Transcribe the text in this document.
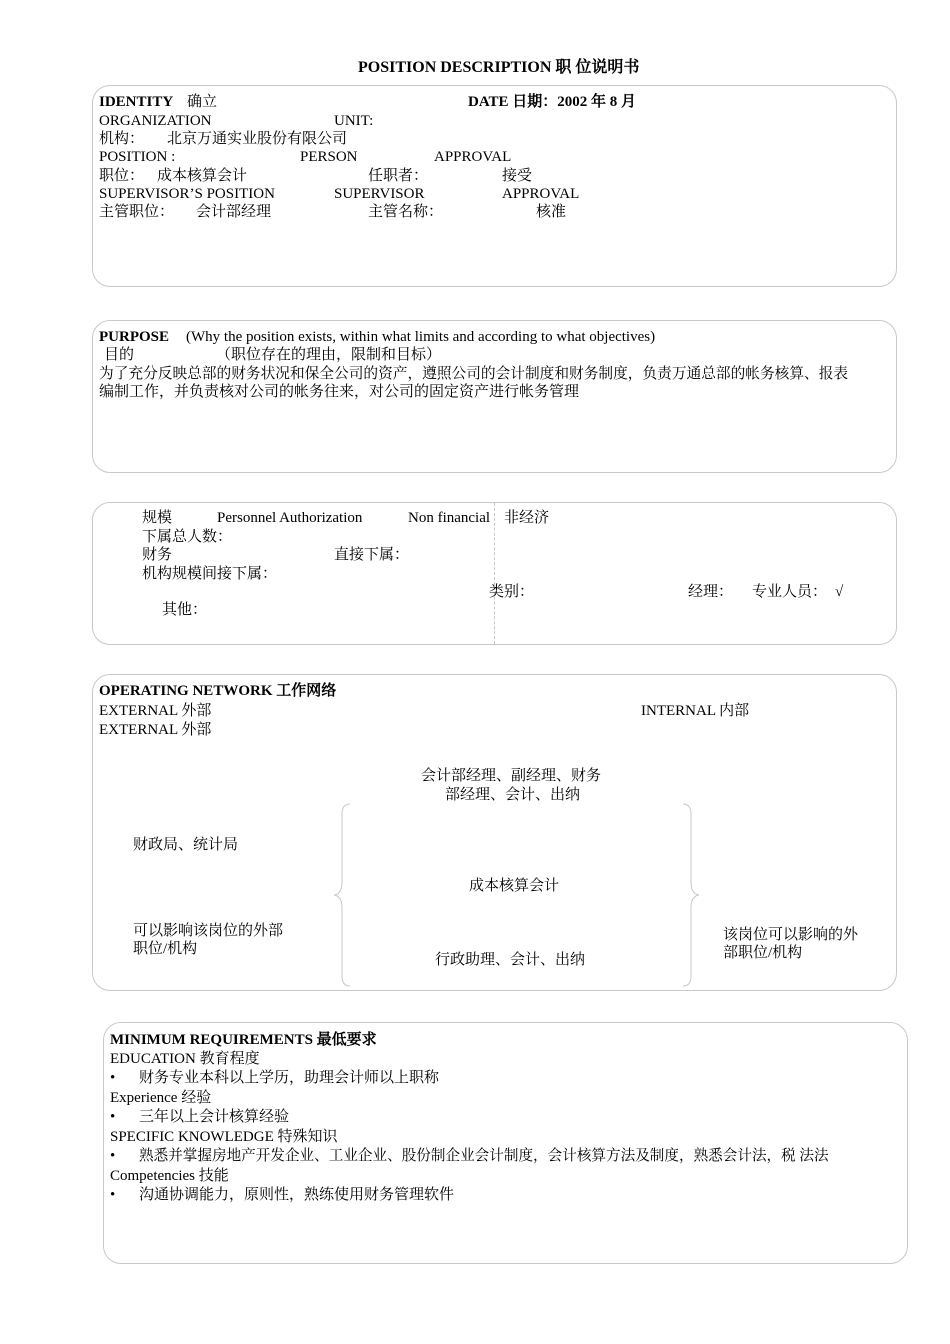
POSITION DESCRIPTION 职 位说明书
IDENTITY 确立	DATE 日期：2002 年 8 月
ORGANIZATION	UNIT:
机构： 北京万通实业股份有限公司
POSITION :	PERSON	APPROVAL
职位： 成本核算会计	任职者：	接受
SUPERVISOR’S POSITION	SUPERVISOR	APPROVAL
主管职位： 会计部经理	主管名称：	核准
PURPOSE (Why the position exists, within what limits and according to what objectives)
目的	（职位存在的理由，限制和目标）
为了充分反映总部的财务状况和保全公司的资产，遵照公司的会计制度和财务制度，负责万通总部的帐务核算、报表
编制工作，并负责核对公司的帐务往来，对公司的固定资产进行帐务管理
规模	Personnel Authorization	Non financial 非经济
下属总人数：
财务	直接下属：
机构规模间接下属：
类别：	经理： 专业人员： √
其他：
OPERATING NETWORK 工作网络
EXTERNAL 外部	INTERNAL 内部
EXTERNAL 外部
会计部经理、副经理、财务
部经理、会计、出纳
财政局、统计局
成本核算会计
可以影响该岗位的外部
职位/机构
该岗位可以影响的外
部职位/机构
行政助理、会计、出纳
MINIMUM REQUIREMENTS 最低要求
EDUCATION 教育程度
• 财务专业本科以上学历，助理会计师以上职称
Experience 经验
• 三年以上会计核算经验
SPECIFIC KNOWLEDGE 特殊知识
• 熟悉并掌握房地产开发企业、工业企业、股份制企业会计制度，会计核算方法及制度，熟悉会计法，税 法法
Competencies 技能
• 沟通协调能力，原则性，熟练使用财务管理软件
